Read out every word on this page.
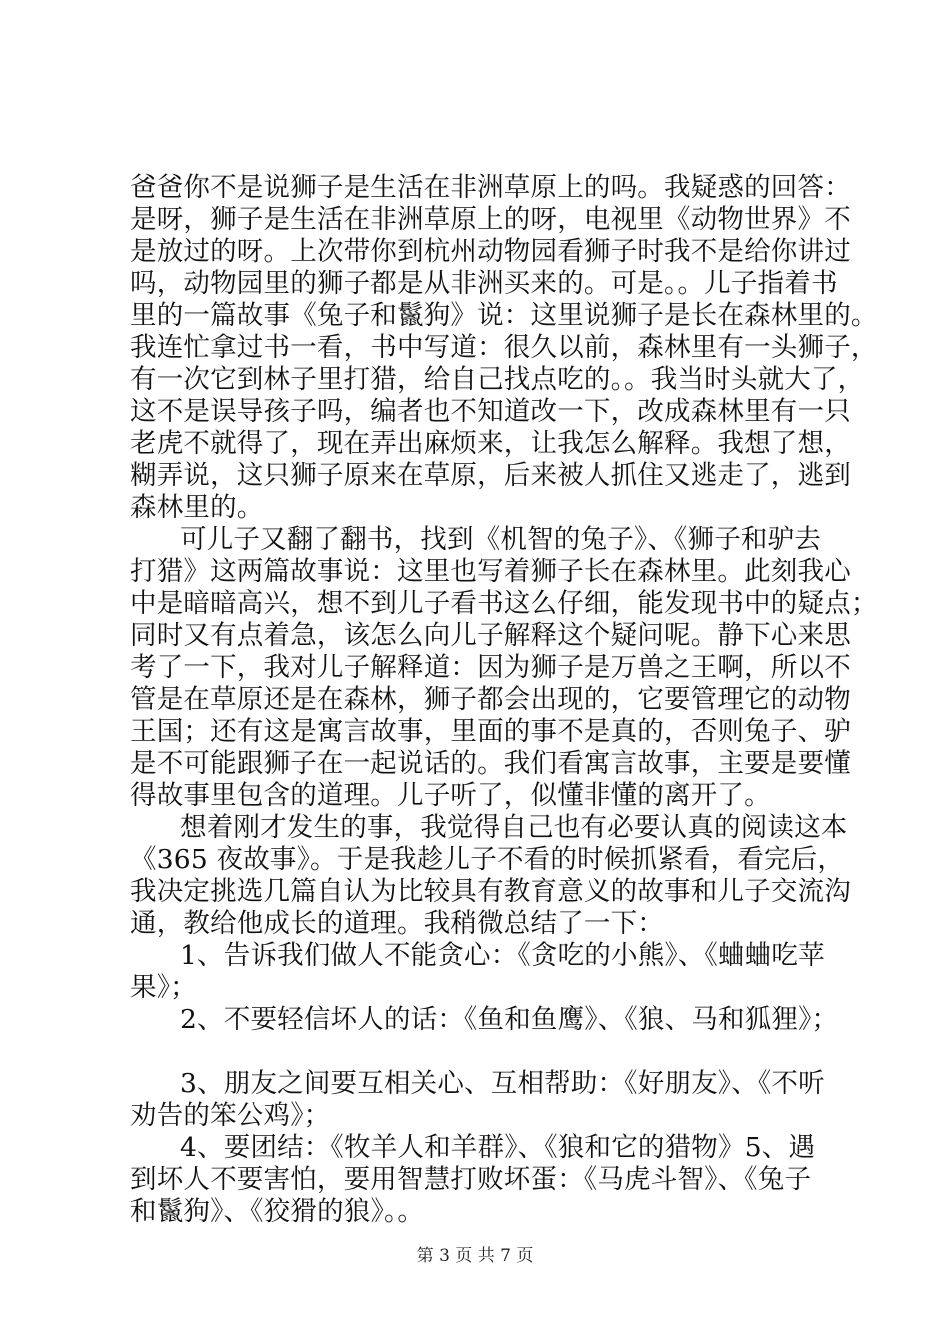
爸爸你不是说狮子是生活在非洲草原上的吗。我疑惑的回答：
是呀，狮子是生活在非洲草原上的呀，电视里《动物世界》不
是放过的呀。上次带你到杭州动物园看狮子时我不是给你讲过
吗，动物园里的狮子都是从非洲买来的。可是。。儿子指着书
里的一篇故事《兔子和鬣狗》说：这里说狮子是长在森林里的。
我连忙拿过书一看，书中写道：很久以前，森林里有一头狮子，
有一次它到林子里打猎，给自己找点吃的。。我当时头就大了，
这不是误导孩子吗，编者也不知道改一下，改成森林里有一只
老虎不就得了，现在弄出麻烦来，让我怎么解释。我想了想，
糊弄说，这只狮子原来在草原，后来被人抓住又逃走了，逃到
森林里的。
可儿子又翻了翻书，找到《机智的兔子》、《狮子和驴去
打猎》这两篇故事说：这里也写着狮子长在森林里。此刻我心
中是暗暗高兴，想不到儿子看书这么仔细，能发现书中的疑点；
同时又有点着急，该怎么向儿子解释这个疑问呢。静下心来思
考了一下，我对儿子解释道：因为狮子是万兽之王啊，所以不
管是在草原还是在森林，狮子都会出现的，它要管理它的动物
王国；还有这是寓言故事，里面的事不是真的，否则兔子、驴
是不可能跟狮子在一起说话的。我们看寓言故事，主要是要懂
得故事里包含的道理。儿子听了，似懂非懂的离开了。
想着刚才发生的事，我觉得自己也有必要认真的阅读这本
《365 夜故事》。于是我趁儿子不看的时候抓紧看，看完后，
我决定挑选几篇自认为比较具有教育意义的故事和儿子交流沟
通，教给他成长的道理。我稍微总结了一下：
1、告诉我们做人不能贪心：《贪吃的小熊》、《蛐蛐吃苹
果》；
2、不要轻信坏人的话：《鱼和鱼鹰》、《狼、马和狐狸》；
3、朋友之间要互相关心、互相帮助：《好朋友》、《不听
劝告的笨公鸡》；
4、要团结：《牧羊人和羊群》、《狼和它的猎物》5、遇
到坏人不要害怕，要用智慧打败坏蛋：《马虎斗智》、《兔子
和鬣狗》、《狡猾的狼》。。
第 3 页 共 7 页
